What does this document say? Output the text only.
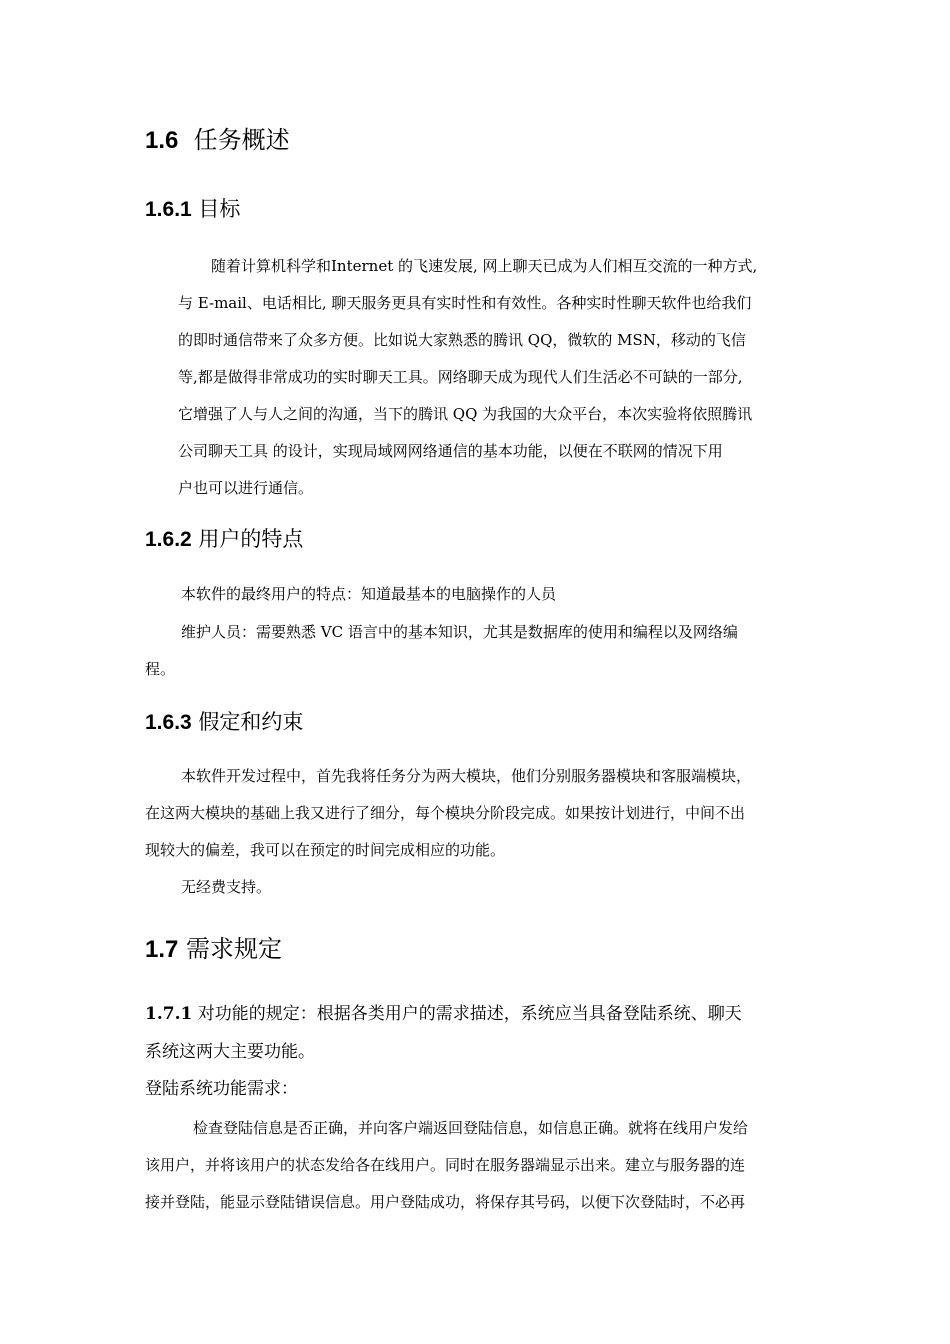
1.6 任务概述
1.6.1 目标

随着计算机科学和Internet 的飞速发展, 网上聊天已成为人们相互交流的一种方式,

与 E-mail、电话相比, 聊天服务更具有实时性和有效性。各种实时性聊天软件也给我们

的即时通信带来了众多方便。比如说大家熟悉的腾讯 QQ，微软的 MSN，移动的飞信

等,都是做得非常成功的实时聊天工具。网络聊天成为现代人们生活必不可缺的一部分,

它增强了人与人之间的沟通，当下的腾讯 QQ 为我国的大众平台，本次实验将依照腾讯

公司聊天工具 的设计，实现局域网网络通信的基本功能，以便在不联网的情况下用

户也可以进行通信。

1.6.2 用户的特点

本软件的最终用户的特点：知道最基本的电脑操作的人员

维护人员：需要熟悉 VC 语言中的基本知识，尤其是数据库的使用和编程以及网络编

程。

1.6.3 假定和约束

本软件开发过程中，首先我将任务分为两大模块，他们分别服务器模块和客服端模块，

在这两大模块的基础上我又进行了细分，每个模块分阶段完成。如果按计划进行，中间不出

现较大的偏差，我可以在预定的时间完成相应的功能。

无经费支持。

1.7 需求规定

1.7.1 对功能的规定：根据各类用户的需求描述，系统应当具备登陆系统、聊天

系统这两大主要功能。

登陆系统功能需求：

检查登陆信息是否正确，并向客户端返回登陆信息，如信息正确。就将在线用户发给

该用户，并将该用户的状态发给各在线用户。同时在服务器端显示出来。建立与服务器的连

接并登陆，能显示登陆错误信息。用户登陆成功，将保存其号码，以便下次登陆时，不必再
